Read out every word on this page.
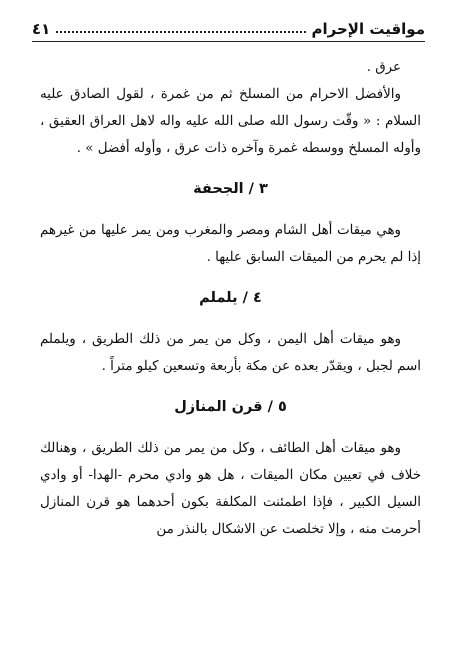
مواقيت الإحرام
٤١

عرق .

والأفضل الاحرام من المسلخ ثم من غمرة ، لقول الصادق عليه السلام : « وقّت رسول الله صلى الله عليه واله لاهل العراق العقيق ، وأوله المسلخ ووسطه غمرة وآخره ذات عرق ، وأوله أفضل » .

٣ / الجحفة

وهي ميقات أهل الشام ومصر والمغرب ومن يمر عليها من غيرهم إذا لم يحرم من الميقات السابق عليها .

٤ / يلملم

وهو ميقات أهل اليمن ، وكل من يمر من ذلك الطريق ، ويلملم اسم لجبل ، ويقدّر بعده عن مكة بأربعة وتسعين كيلو متراً .

٥ / قرن المنازل

وهو ميقات أهل الطائف ، وكل من يمر من ذلك الطريق ، وهنالك خلاف في تعيين مكان الميقات ، هل هو وادي محرم -الهدا- أو وادي السيل الكبير ، فإذا اطمئنت المكلفة بكون أحدهما هو قرن المنازل أحرمت منه ، وإلا تخلصت عن الاشكال بالنذر من
